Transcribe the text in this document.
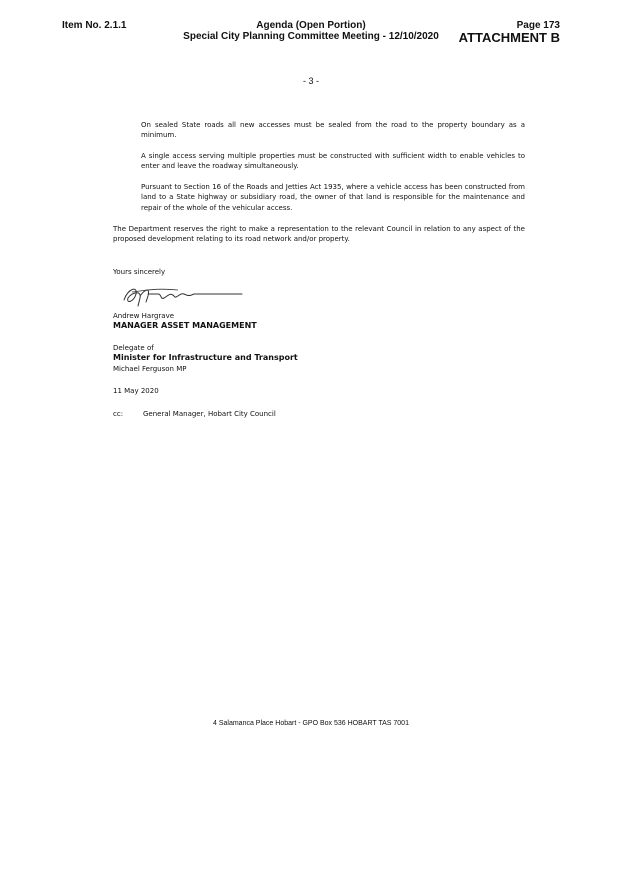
Item No. 2.1.1	Agenda (Open Portion)
Special City Planning Committee Meeting - 12/10/2020
Page 173
ATTACHMENT B
- 3 -
On sealed State roads all new accesses must be sealed from the road to the property boundary as a minimum.
A single access serving multiple properties must be constructed with sufficient width to enable vehicles to enter and leave the roadway simultaneously.
Pursuant to Section 16 of the Roads and Jetties Act 1935, where a vehicle access has been constructed from land to a State highway or subsidiary road, the owner of that land is responsible for the maintenance and repair of the whole of the vehicular access.
The Department reserves the right to make a representation to the relevant Council in relation to any aspect of the proposed development relating to its road network and/or property.
Yours sincerely
Andrew Hargrave
MANAGER ASSET MANAGEMENT
Delegate of
Minister for Infrastructure and Transport
Michael Ferguson MP
11 May 2020
cc:	General Manager, Hobart City Council
4 Salamanca Place Hobart - GPO Box 536 HOBART TAS 7001
